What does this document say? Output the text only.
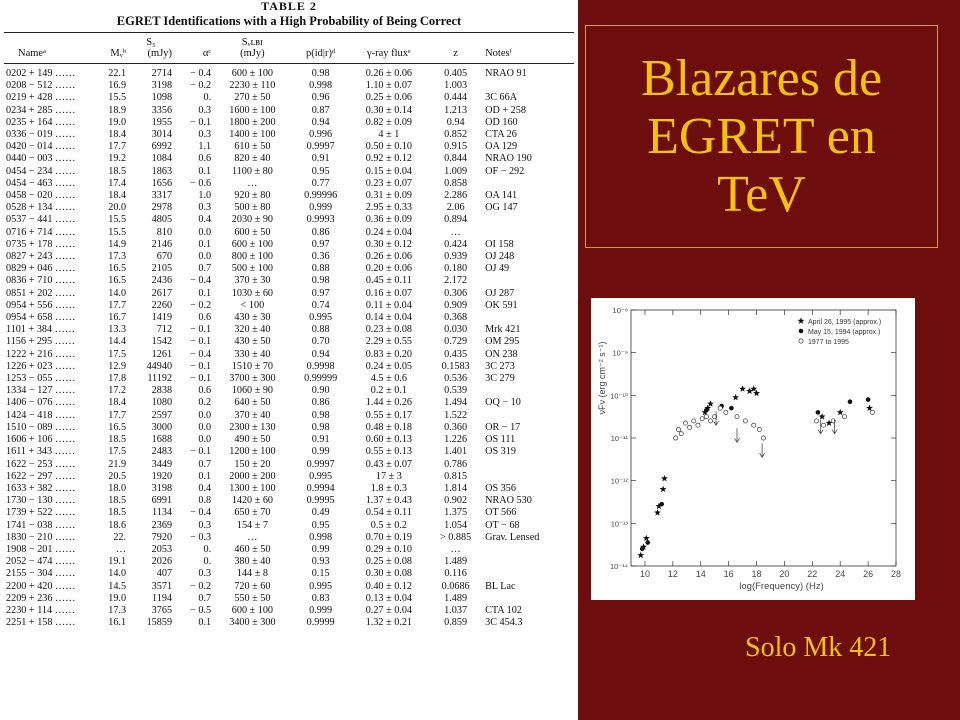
TABLE 2
EGRET Identifications with a High Probability of Being Correct
		S₅		Sᵥʟʙɪ				
Nameᵃ	Mᵥᵇ	(mJy)	αᶜ	(mJy)	p(id|r)ᵈ	γ-ray fluxᵉ	z	Notesᶠ
0202 + 149 ……	22.1	2714	− 0.4	600 ± 100	0.98	0.26 ± 0.06	0.405	NRAO 91
0208 − 512 ……	16.9	3198	− 0.2	2230 ± 110	0.998	1.10 ± 0.07	1.003	
0219 + 428 ……	15.5	1098	0.	270 ± 50	0.96	0.25 ± 0.06	0.444	3C 66A
0234 + 285 ……	18.9	3356	0.3	1600 ± 100	0.87	0.30 ± 0.14	1.213	OD + 258
0235 + 164 ……	19.0	1955	− 0.1	1800 ± 200	0.94	0.82 ± 0.09	0.94	OD 160
0336 − 019 ……	18.4	3014	0.3	1400 ± 100	0.996	4 ± 1	0.852	CTA 26
0420 − 014 ……	17.7	6992	1.1	610 ± 50	0.9997	0.50 ± 0.10	0.915	OA 129
0440 − 003 ……	19.2	1084	0.6	820 ± 40	0.91	0.92 ± 0.12	0.844	NRAO 190
0454 − 234 ……	18.5	1863	0.1	1100 ± 80	0.95	0.15 ± 0.04	1.009	OF − 292
0454 − 463 ……	17.4	1656	− 0.6	…	0.77	0.23 ± 0.07	0.858	
0458 − 020 ……	18.4	3317	1.0	920 ± 80	0.99996	0.31 ± 0.09	2.286	OA 141
0528 + 134 ……	20.0	2978	0.3	500 ± 80	0.999	2.95 ± 0.33	2.06	OG 147
0537 − 441 ……	15.5	4805	0.4	2030 ± 90	0.9993	0.36 ± 0.09	0.894	
0716 + 714 ……	15.5	810	0.0	600 ± 50	0.86	0.24 ± 0.04	…	
0735 + 178 ……	14.9	2146	0.1	600 ± 100	0.97	0.30 ± 0.12	0.424	OI 158
0827 + 243 ……	17.3	670	0.0	800 ± 100	0.36	0.26 ± 0.06	0.939	OJ 248
0829 + 046 ……	16.5	2105	0.7	500 ± 100	0.88	0.20 ± 0.06	0.180	OJ 49
0836 + 710 ……	16.5	2436	− 0.4	370 ± 30	0.98	0.45 ± 0.11	2.172	
0851 + 202 ……	14.0	2617	0.1	1030 ± 60	0.97	0.16 ± 0.07	0.306	OJ 287
0954 + 556 ……	17.7	2260	− 0.2	< 100	0.74	0.11 ± 0.04	0.909	OK 591
0954 + 658 ……	16.7	1419	0.6	430 ± 30	0.995	0.14 ± 0.04	0.368	
1101 + 384 ……	13.3	712	− 0.1	320 ± 40	0.88	0.23 ± 0.08	0.030	Mrk 421
1156 + 295 ……	14.4	1542	− 0.1	430 ± 50	0.70	2.29 ± 0.55	0.729	OM 295
1222 + 216 ……	17.5	1261	− 0.4	330 ± 40	0.94	0.83 ± 0.20	0.435	ON 238
1226 + 023 ……	12.9	44940	− 0.1	1510 ± 70	0.9998	0.24 ± 0.05	0.1583	3C 273
1253 − 055 ……	17.8	11192	− 0.1	3700 ± 300	0.99999	4.5 ± 0.6	0.536	3C 279
1334 − 127 ……	17.2	2838	0.6	1060 ± 90	0.90	0.2 ± 0.1	0.539	
1406 − 076 ……	18.4	1080	0.2	640 ± 50	0.86	1.44 ± 0.26	1.494	OQ − 10
1424 − 418 ……	17.7	2597	0.0	370 ± 40	0.98	0.55 ± 0.17	1.522	
1510 − 089 ……	16.5	3000	0.0	2300 ± 130	0.98	0.48 ± 0.18	0.360	OR − 17
1606 + 106 ……	18.5	1688	0.0	490 ± 50	0.91	0.60 ± 0.13	1.226	OS 111
1611 + 343 ……	17.5	2483	− 0.1	1200 ± 100	0.99	0.55 ± 0.13	1.401	OS 319
1622 − 253 ……	21.9	3449	0.7	150 ± 20	0.9997	0.43 ± 0.07	0.786	
1622 − 297 ……	20.5	1920	0.1	2000 ± 200	0.995	17 ± 3	0.815	
1633 + 382 ……	18.0	3198	0.4	1300 ± 100	0.9994	1.8 ± 0.3	1.814	OS 356
1730 − 130 ……	18.5	6991	0.8	1420 ± 60	0.9995	1.37 ± 0.43	0.902	NRAO 530
1739 + 522 ……	18.5	1134	− 0.4	650 ± 70	0.49	0.54 ± 0.11	1.375	OT 566
1741 − 038 ……	18.6	2369	0.3	154 ± 7	0.95	0.5 ± 0.2	1.054	OT − 68
1830 − 210 ……	22.	7920	− 0.3	…	0.998	0.70 ± 0.19	> 0.885	Grav. Lensed
1908 − 201 ……	…	2053	0.	460 ± 50	0.99	0.29 ± 0.10	…	
2052 − 474 ……	19.1	2026	0.	380 ± 40	0.93	0.25 ± 0.08	1.489	
2155 − 304 ……	14.0	407	0.3	144 ± 8	0.15	0.30 ± 0.08	0.116	
2200 + 420 ……	14.5	3571	− 0.2	720 ± 60	0.995	0.40 ± 0.12	0.0686	BL Lac
2209 + 236 ……	19.0	1194	0.7	550 ± 50	0.83	0.13 ± 0.04	1.489	
2230 + 114 ……	17.3	3765	− 0.5	600 ± 100	0.999	0.27 ± 0.04	1.037	CTA 102
2251 + 158 ……	16.1	15859	0.1	3400 ± 300	0.9999	1.32 ± 0.21	0.859	3C 454.3
Blazares de
EGRET en
TeV
10 12 14 16 18 20 22 24 26 28
10⁻¹⁴
10⁻¹³
10⁻¹²
10⁻¹¹
10⁻¹⁰
10⁻⁹
10⁻⁸
log(Frequency) (Hz)
νFν (erg cm⁻² s⁻¹)
April 26, 1995 (approx.)
May 15, 1994 (approx.)
1977 to 1995
Solo Mk 421
